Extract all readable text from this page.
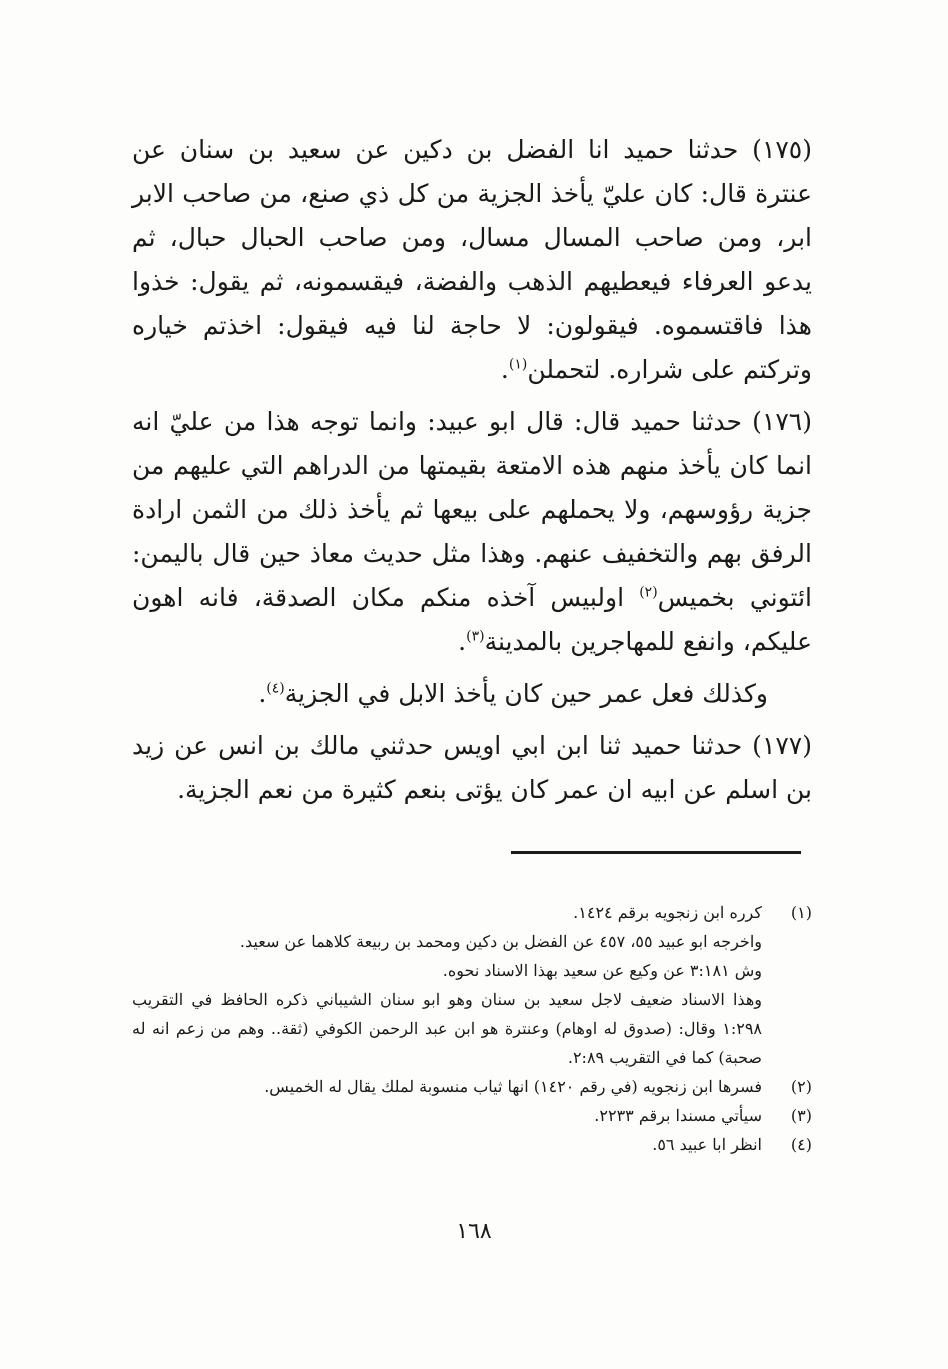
(١٧٥) حدثنا حميد انا الفضل بن دكين عن سعيد بن سنان عن عنترة قال: كان عليّ يأخذ الجزية من كل ذي صنع، من صاحب الابر ابر، ومن صاحب المسال مسال، ومن صاحب الحبال حبال، ثم يدعو العرفاء فيعطيهم الذهب والفضة، فيقسمونه، ثم يقول: خذوا هذا فاقتسموه. فيقولون: لا حاجة لنا فيه فيقول: اخذتم خياره وتركتم على شراره. لتحملن$^{(١)}$.

(١٧٦) حدثنا حميد قال: قال ابو عبيد: وانما توجه هذا من عليّ انه انما كان يأخذ منهم هذه الامتعة بقيمتها من الدراهم التي عليهم من جزية رؤوسهم، ولا يحملهم على بيعها ثم يأخذ ذلك من الثمن ارادة الرفق بهم والتخفيف عنهم. وهذا مثل حديث معاذ حين قال باليمن: ائتوني بخميس$^{(٢)}$ اولبيس آخذه منكم مكان الصدقة، فانه اهون عليكم، وانفع للمهاجرين بالمدينة$^{(٣)}$.

وكذلك فعل عمر حين كان يأخذ الابل في الجزية$^{(٤)}$.

(١٧٧) حدثنا حميد ثنا ابن ابي اويس حدثني مالك بن انس عن زيد بن اسلم عن ابيه ان عمر كان يؤتى بنعم كثيرة من نعم الجزية.

(١)
كرره ابن زنجويه برقم ١٤٢٤.
واخرجه ابو عبيد ٥٥، ٤٥٧ عن الفضل بن دكين ومحمد بن ربيعة كلاهما عن سعيد.
وش ٣:١٨١ عن وكيع عن سعيد بهذا الاسناد نحوه.
وهذا الاسناد ضعيف لاجل سعيد بن سنان وهو ابو سنان الشيباني ذكره الحافظ في التقريب ١:٢٩٨ وقال: (صدوق له اوهام) وعنترة هو ابن عبد الرحمن الكوفي (ثقة.. وهم من زعم انه له صحبة) كما في التقريب ٢:٨٩.
(٢)
فسرها ابن زنجويه (في رقم ١٤٢٠) انها ثياب منسوبة لملك يقال له الخميس.
(٣)
سيأتي مسندا برقم ٢٢٣٣.
(٤)
انظر ابا عبيد ٥٦.
١٦٨
